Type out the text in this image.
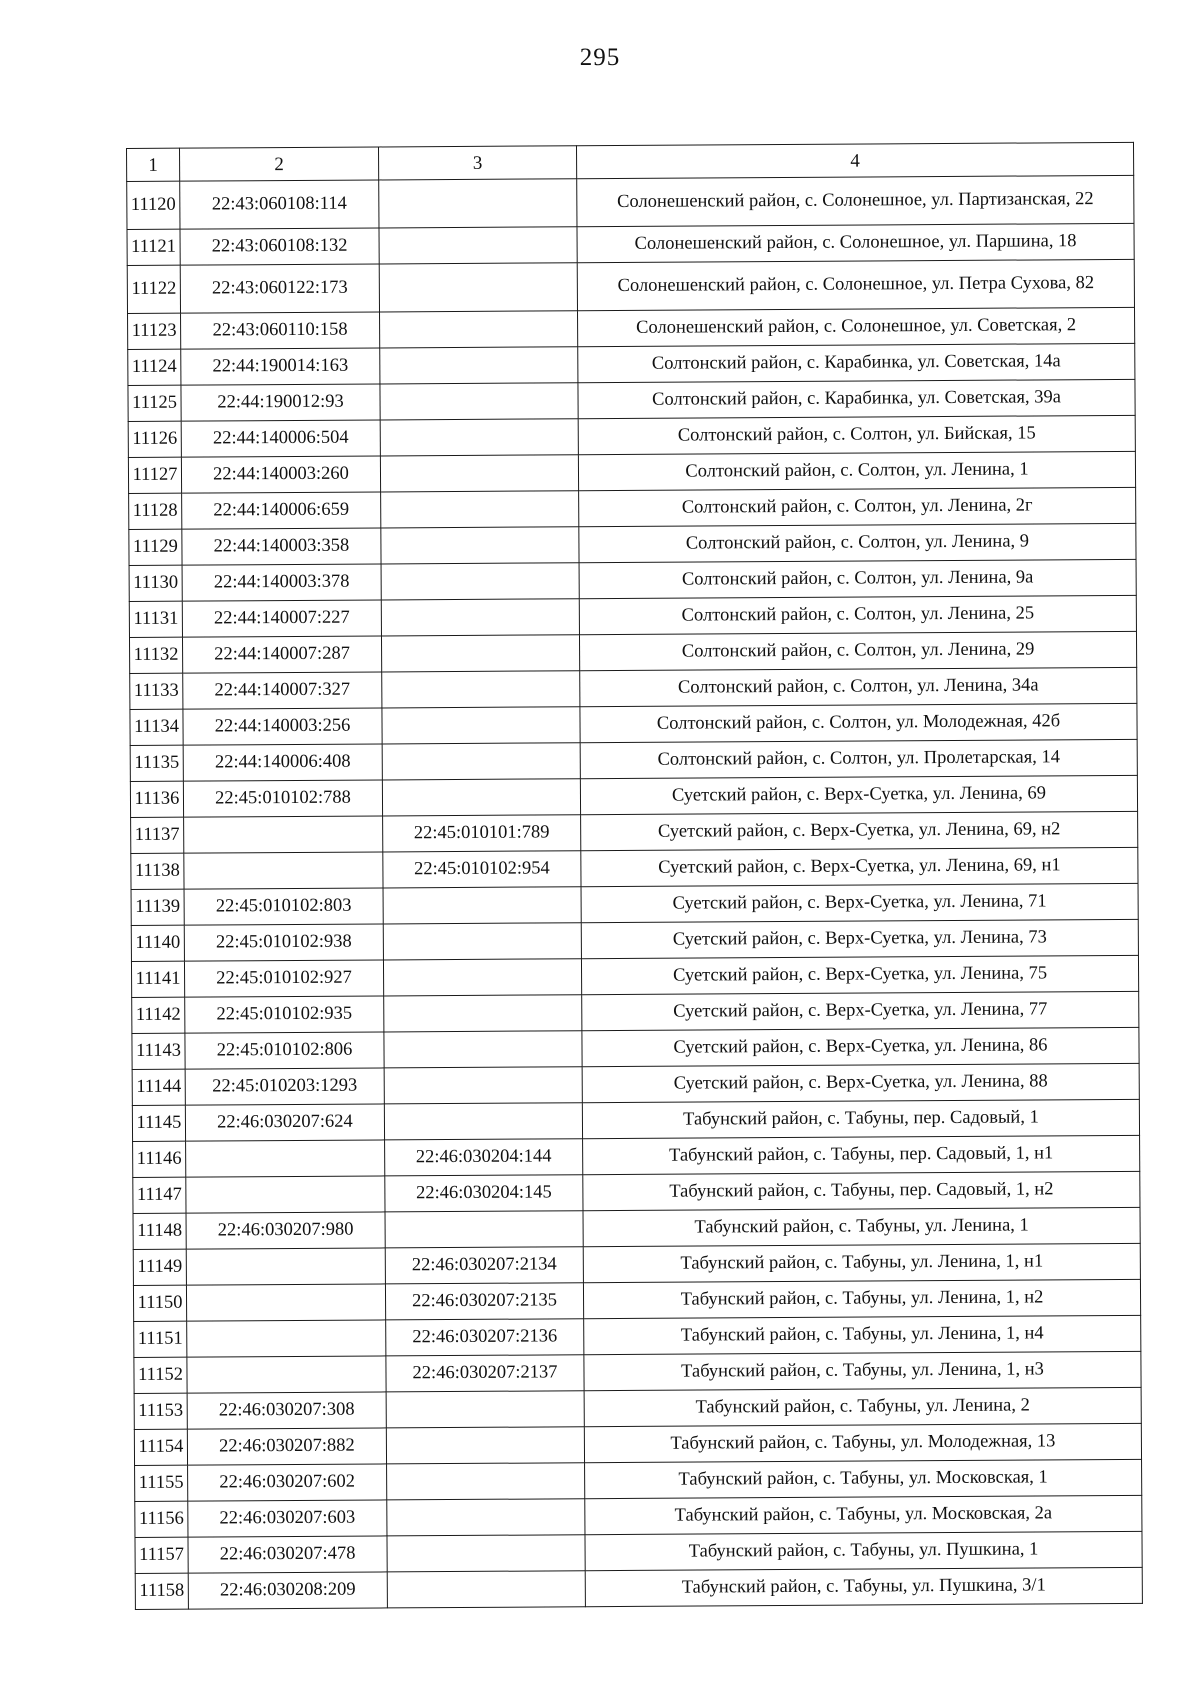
295
1	2	3	4
11120	22:43:060108:114		Солонешенский район, с. Солонешное, ул. Партизанская, 22
11121	22:43:060108:132		Солонешенский район, с. Солонешное, ул. Паршина, 18
11122	22:43:060122:173		Солонешенский район, с. Солонешное, ул. Петра Сухова, 82
11123	22:43:060110:158		Солонешенский район, с. Солонешное, ул. Советская, 2
11124	22:44:190014:163		Солтонский район, с. Карабинка, ул. Советская, 14а
11125	22:44:190012:93		Солтонский район, с. Карабинка, ул. Советская, 39а
11126	22:44:140006:504		Солтонский район, с. Солтон, ул. Бийская, 15
11127	22:44:140003:260		Солтонский район, с. Солтон, ул. Ленина, 1
11128	22:44:140006:659		Солтонский район, с. Солтон, ул. Ленина, 2г
11129	22:44:140003:358		Солтонский район, с. Солтон, ул. Ленина, 9
11130	22:44:140003:378		Солтонский район, с. Солтон, ул. Ленина, 9а
11131	22:44:140007:227		Солтонский район, с. Солтон, ул. Ленина, 25
11132	22:44:140007:287		Солтонский район, с. Солтон, ул. Ленина, 29
11133	22:44:140007:327		Солтонский район, с. Солтон, ул. Ленина, 34а
11134	22:44:140003:256		Солтонский район, с. Солтон, ул. Молодежная, 42б
11135	22:44:140006:408		Солтонский район, с. Солтон, ул. Пролетарская, 14
11136	22:45:010102:788		Суетский район, с. Верх-Суетка, ул. Ленина, 69
11137		22:45:010101:789	Суетский район, с. Верх-Суетка, ул. Ленина, 69, н2
11138		22:45:010102:954	Суетский район, с. Верх-Суетка, ул. Ленина, 69, н1
11139	22:45:010102:803		Суетский район, с. Верх-Суетка, ул. Ленина, 71
11140	22:45:010102:938		Суетский район, с. Верх-Суетка, ул. Ленина, 73
11141	22:45:010102:927		Суетский район, с. Верх-Суетка, ул. Ленина, 75
11142	22:45:010102:935		Суетский район, с. Верх-Суетка, ул. Ленина, 77
11143	22:45:010102:806		Суетский район, с. Верх-Суетка, ул. Ленина, 86
11144	22:45:010203:1293		Суетский район, с. Верх-Суетка, ул. Ленина, 88
11145	22:46:030207:624		Табунский район, с. Табуны, пер. Садовый, 1
11146		22:46:030204:144	Табунский район, с. Табуны, пер. Садовый, 1, н1
11147		22:46:030204:145	Табунский район, с. Табуны, пер. Садовый, 1, н2
11148	22:46:030207:980		Табунский район, с. Табуны, ул. Ленина, 1
11149		22:46:030207:2134	Табунский район, с. Табуны, ул. Ленина, 1, н1
11150		22:46:030207:2135	Табунский район, с. Табуны, ул. Ленина, 1, н2
11151		22:46:030207:2136	Табунский район, с. Табуны, ул. Ленина, 1, н4
11152		22:46:030207:2137	Табунский район, с. Табуны, ул. Ленина, 1, н3
11153	22:46:030207:308		Табунский район, с. Табуны, ул. Ленина, 2
11154	22:46:030207:882		Табунский район, с. Табуны, ул. Молодежная, 13
11155	22:46:030207:602		Табунский район, с. Табуны, ул. Московская, 1
11156	22:46:030207:603		Табунский район, с. Табуны, ул. Московская, 2а
11157	22:46:030207:478		Табунский район, с. Табуны, ул. Пушкина, 1
11158	22:46:030208:209		Табунский район, с. Табуны, ул. Пушкина, 3/1
